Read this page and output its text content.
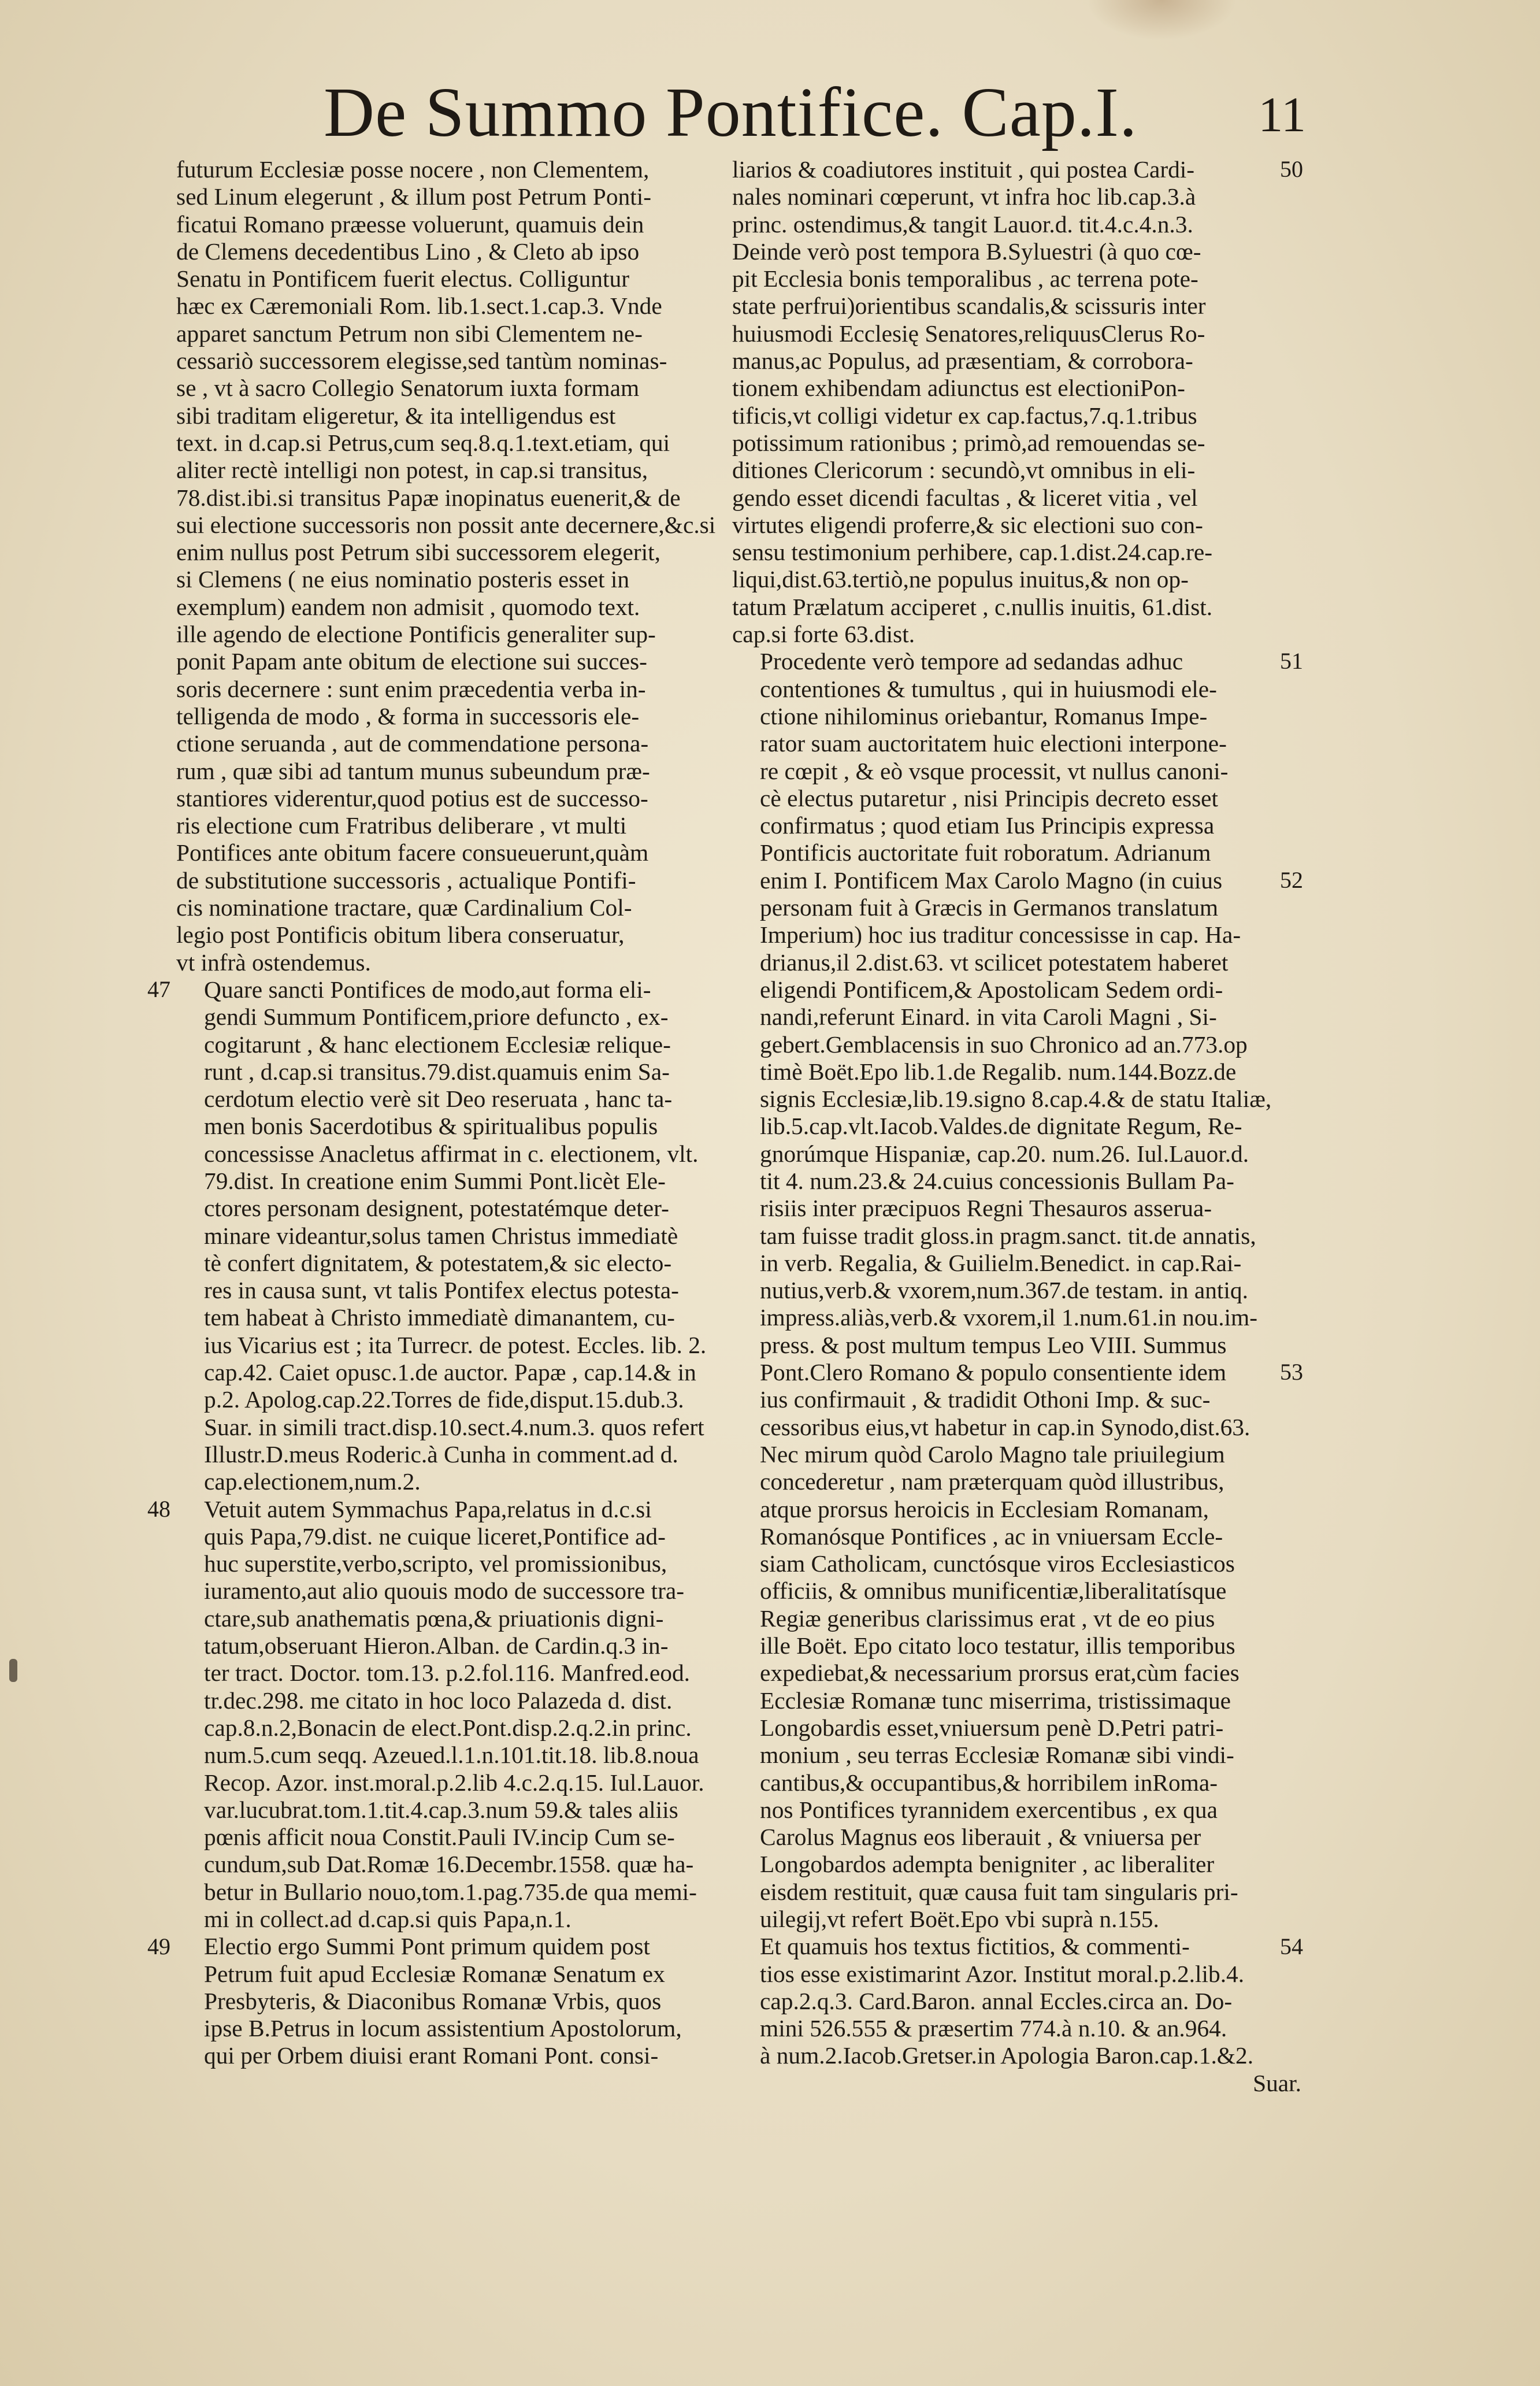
De Summo Pontifice. Cap.I. 11
futurum Ecclesiæ posse nocere , non Clementem,
sed Linum elegerunt , & illum post Petrum Ponti-
ficatui Romano præesse voluerunt, quamuis dein
de Clemens decedentibus Lino , & Cleto ab ipso
Senatu in Pontificem fuerit electus. Colliguntur
hæc ex Cæremoniali Rom. lib.1.sect.1.cap.3. Vnde
apparet sanctum Petrum non sibi Clementem ne-
cessariò successorem elegisse,sed tantùm nominas-
se , vt à sacro Collegio Senatorum iuxta formam
sibi traditam eligeretur, & ita intelligendus est
text. in d.cap.si Petrus,cum seq.8.q.1.text.etiam, qui
aliter rectè intelligi non potest, in cap.si transitus,
78.dist.ibi.si transitus Papæ inopinatus euenerit,& de
sui electione successoris non possit ante decernere,&c.si
enim nullus post Petrum sibi successorem elegerit,
si Clemens ( ne eius nominatio posteris esset in
exemplum) eandem non admisit , quomodo text.
ille agendo de electione Pontificis generaliter sup-
ponit Papam ante obitum de electione sui succes-
soris decernere : sunt enim præcedentia verba in-
telligenda de modo , & forma in successoris ele-
ctione seruanda , aut de commendatione persona-
rum , quæ sibi ad tantum munus subeundum præ-
stantiores viderentur,quod potius est de successo-
ris electione cum Fratribus deliberare , vt multi
Pontifices ante obitum facere consueuerunt,quàm
de substitutione successoris , actualique Pontifi-
cis nominatione tractare, quæ Cardinalium Col-
legio post Pontificis obitum libera conseruatur,
vt infrà ostendemus.
Quare sancti Pontifices de modo,aut forma eli-
gendi Summum Pontificem,priore defuncto , ex-
cogitarunt , & hanc electionem Ecclesiæ relique-
runt , d.cap.si transitus.79.dist.quamuis enim Sa-
cerdotum electio verè sit Deo reseruata , hanc ta-
men bonis Sacerdotibus & spiritualibus populis
concessisse Anacletus affirmat in c. electionem, vlt.
79.dist. In creatione enim Summi Pont.licèt Ele-
ctores personam designent, potestatémque deter-
minare videantur,solus tamen Christus immediatè
tè confert dignitatem, & potestatem,& sic electo-
res in causa sunt, vt talis Pontifex electus potesta-
tem habeat à Christo immediatè dimanantem, cu-
ius Vicarius est ; ita Turrecr. de potest. Eccles. lib. 2.
cap.42. Caiet opusc.1.de auctor. Papæ , cap.14.& in
p.2. Apolog.cap.22.Torres de fide,disput.15.dub.3.
Suar. in simili tract.disp.10.sect.4.num.3. quos refert
Illustr.D.meus Roderic.à Cunha in comment.ad d.
cap.electionem,num.2.
Vetuit autem Symmachus Papa,relatus in d.c.si
quis Papa,79.dist. ne cuique liceret,Pontifice ad-
huc superstite,verbo,scripto, vel promissionibus,
iuramento,aut alio quouis modo de successore tra-
ctare,sub anathematis pœna,& priuationis digni-
tatum,obseruant Hieron.Alban. de Cardin.q.3 in-
ter tract. Doctor. tom.13. p.2.fol.116. Manfred.eod.
tr.dec.298. me citato in hoc loco Palazeda d. dist.
cap.8.n.2,Bonacin de elect.Pont.disp.2.q.2.in princ.
num.5.cum seqq. Azeued.l.1.n.101.tit.18. lib.8.noua
Recop. Azor. inst.moral.p.2.lib 4.c.2.q.15. Iul.Lauor.
var.lucubrat.tom.1.tit.4.cap.3.num 59.& tales aliis
pœnis afficit noua Constit.Pauli IV.incip Cum se-
cundum,sub Dat.Romæ 16.Decembr.1558. quæ ha-
betur in Bullario nouo,tom.1.pag.735.de qua memi-
mi in collect.ad d.cap.si quis Papa,n.1.
Electio ergo Summi Pont primum quidem post
Petrum fuit apud Ecclesiæ Romanæ Senatum ex
Presbyteris, & Diaconibus Romanæ Vrbis, quos
ipse B.Petrus in locum assistentium Apostolorum,
qui per Orbem diuisi erant Romani Pont. consi-
liarios & coadiutores instituit , qui postea Cardi-
nales nominari cœperunt, vt infra hoc lib.cap.3.à
princ. ostendimus,& tangit Lauor.d. tit.4.c.4.n.3.
Deinde verò post tempora B.Syluestri (à quo cœ-
pit Ecclesia bonis temporalibus , ac terrena pote-
state perfrui)orientibus scandalis,& scissuris inter
huiusmodi Ecclesię Senatores,reliquusClerus Ro-
manus,ac Populus, ad præsentiam, & corrobora-
tionem exhibendam adiunctus est electioniPon-
tificis,vt colligi videtur ex cap.factus,7.q.1.tribus
potissimum rationibus ; primò,ad remouendas se-
ditiones Clericorum : secundò,vt omnibus in eli-
gendo esset dicendi facultas , & liceret vitia , vel
virtutes eligendi proferre,& sic electioni suo con-
sensu testimonium perhibere, cap.1.dist.24.cap.re-
liqui,dist.63.tertiò,ne populus inuitus,& non op-
tatum Prælatum acciperet , c.nullis inuitis, 61.dist.
cap.si forte 63.dist.
Procedente verò tempore ad sedandas adhuc
contentiones & tumultus , qui in huiusmodi ele-
ctione nihilominus oriebantur, Romanus Impe-
rator suam auctoritatem huic electioni interpone-
re cœpit , & eò vsque processit, vt nullus canoni-
cè electus putaretur , nisi Principis decreto esset
confirmatus ; quod etiam Ius Principis expressa
Pontificis auctoritate fuit roboratum. Adrianum
enim I. Pontificem Max Carolo Magno (in cuius
personam fuit à Græcis in Germanos translatum
Imperium) hoc ius traditur concessisse in cap. Ha-
drianus,il 2.dist.63. vt scilicet potestatem haberet
eligendi Pontificem,& Apostolicam Sedem ordi-
nandi,referunt Einard. in vita Caroli Magni , Si-
gebert.Gemblacensis in suo Chronico ad an.773.op
timè Boët.Epo lib.1.de Regalib. num.144.Bozz.de
signis Ecclesiæ,lib.19.signo 8.cap.4.& de statu Italiæ,
lib.5.cap.vlt.Iacob.Valdes.de dignitate Regum, Re-
gnorúmque Hispaniæ, cap.20. num.26. Iul.Lauor.d.
tit 4. num.23.& 24.cuius concessionis Bullam Pa-
risiis inter præcipuos Regni Thesauros asserua-
tam fuisse tradit gloss.in pragm.sanct. tit.de annatis,
in verb. Regalia, & Guilielm.Benedict. in cap.Rai-
nutius,verb.& vxorem,num.367.de testam. in antiq.
impress.aliàs,verb.& vxorem,il 1.num.61.in nou.im-
press. & post multum tempus Leo VIII. Summus
Pont.Clero Romano & populo consentiente idem
ius confirmauit , & tradidit Othoni Imp. & suc-
cessoribus eius,vt habetur in cap.in Synodo,dist.63.
Nec mirum quòd Carolo Magno tale priuilegium
concederetur , nam præterquam quòd illustribus,
atque prorsus heroicis in Ecclesiam Romanam,
Romanósque Pontifices , ac in vniuersam Eccle-
siam Catholicam, cunctósque viros Ecclesiasticos
officiis, & omnibus munificentiæ,liberalitatísque
Regiæ generibus clarissimus erat , vt de eo pius
ille Boët. Epo citato loco testatur, illis temporibus
expediebat,& necessarium prorsus erat,cùm facies
Ecclesiæ Romanæ tunc miserrima, tristissimaque
Longobardis esset,vniuersum penè D.Petri patri-
monium , seu terras Ecclesiæ Romanæ sibi vindi-
cantibus,& occupantibus,& horribilem inRoma-
nos Pontifices tyrannidem exercentibus , ex qua
Carolus Magnus eos liberauit , & vniuersa per
Longobardos adempta benigniter , ac liberaliter
eisdem restituit, quæ causa fuit tam singularis pri-
uilegij,vt refert Boët.Epo vbi suprà n.155.
Et quamuis hos textus fictitios, & commenti-
tios esse existimarint Azor. Institut moral.p.2.lib.4.
cap.2.q.3. Card.Baron. annal Eccles.circa an. Do-
mini 526.555 & præsertim 774.à n.10. & an.964.
à num.2.Iacob.Gretser.in Apologia Baron.cap.1.&2.
Suar.
47
48
49
50
51
52
53
54
